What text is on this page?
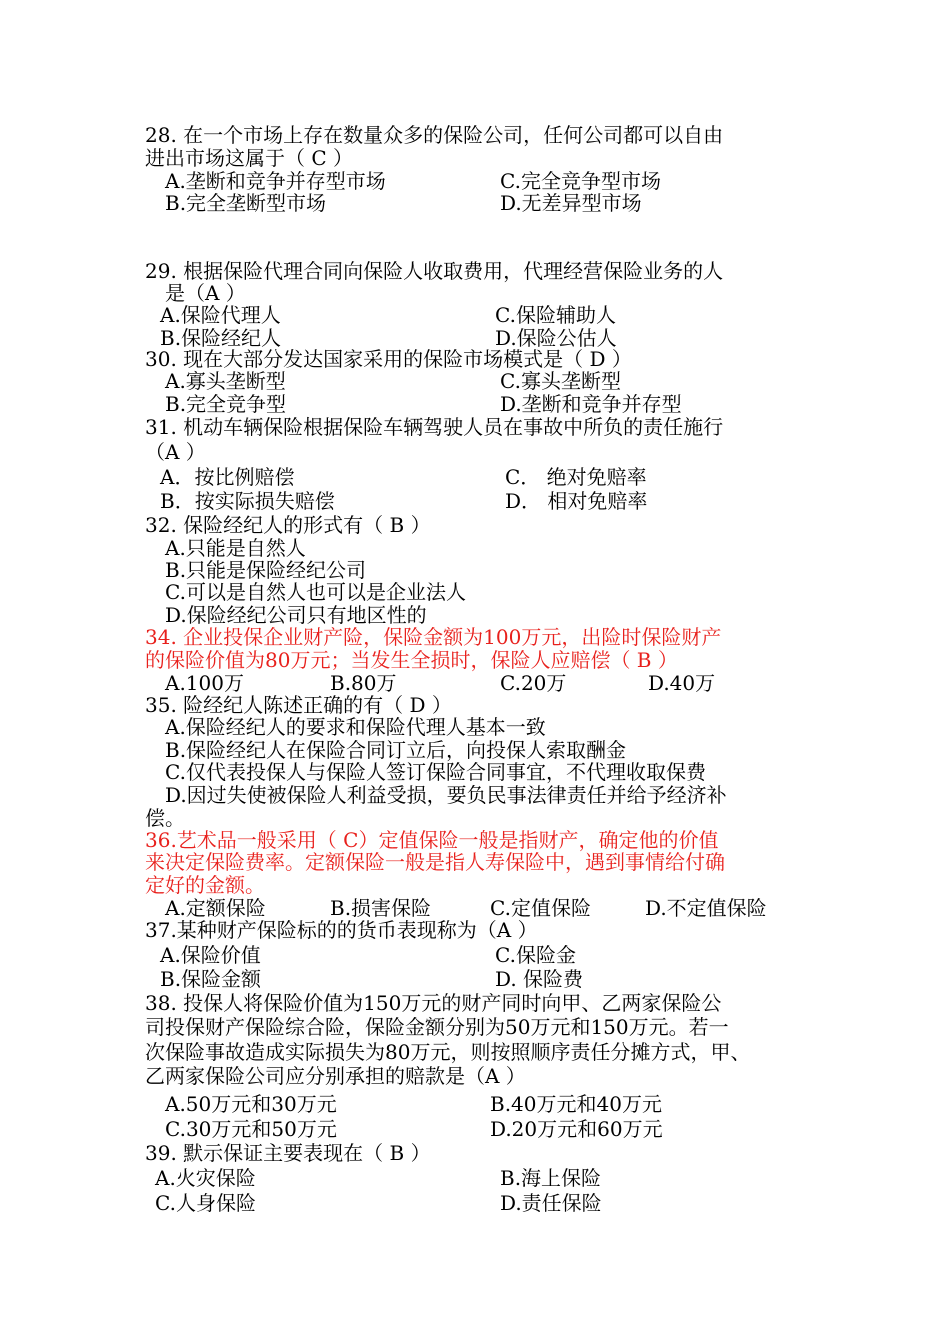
28. 在一个市场上存在数量众多的保险公司，任何公司都可以自由
进出市场这属于（ C ）
A.垄断和竞争并存型市场	C.完全竞争型市场
B.完全垄断型市场	D.无差异型市场
29. 根据保险代理合同向保险人收取费用，代理经营保险业务的人
是（A ）
A.保险代理人	C.保险辅助人
B.保险经纪人	D.保险公估人
30. 现在大部分发达国家采用的保险市场模式是（ D ）
A.寡头垄断型	C.寡头垄断型
B.完全竞争型	D.垄断和竞争并存型
31. 机动车辆保险根据保险车辆驾驶人员在事故中所负的责任施行
（A ）
A．按比例赔偿	C． 绝对免赔率
B．按实际损失赔偿	D． 相对免赔率
32. 保险经纪人的形式有（ B ）
A.只能是自然人
B.只能是保险经纪公司
C.可以是自然人也可以是企业法人
D.保险经纪公司只有地区性的
34. 企业投保企业财产险，保险金额为100万元，出险时保险财产
的保险价值为80万元；当发生全损时，保险人应赔偿（ B ）
A.100万	B.80万	C.20万	D.40万
35. 险经纪人陈述正确的有（ D ）
A.保险经纪人的要求和保险代理人基本一致
B.保险经纪人在保险合同订立后，向投保人索取酬金
C.仅代表投保人与保险人签订保险合同事宜，不代理收取保费
D.因过失使被保险人利益受损，要负民事法律责任并给予经济补
偿。
36.艺术品一般采用（ C）定值保险一般是指财产，确定他的价值
来决定保险费率。定额保险一般是指人寿保险中，遇到事情给付确
定好的金额。
A.定额保险	B.损害保险	C.定值保险	D.不定值保险
37.某种财产保险标的的货币表现称为（A ）
A.保险价值	C.保险金
B.保险金额	D. 保险费
38. 投保人将保险价值为150万元的财产同时向甲、乙两家保险公
司投保财产保险综合险，保险金额分别为50万元和150万元。若一
次保险事故造成实际损失为80万元，则按照顺序责任分摊方式，甲、
乙两家保险公司应分别承担的赔款是（A ）
A.50万元和30万元	B.40万元和40万元
C.30万元和50万元	D.20万元和60万元
39. 默示保证主要表现在（ B ）
A.火灾保险	B.海上保险
C.人身保险	D.责任保险
